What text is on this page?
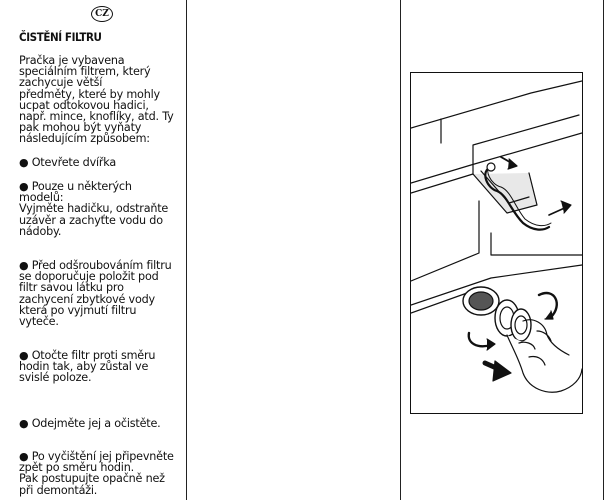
CZ
ČISTĚNÍ FILTRU
Pračka je vybavena
speciálním filtrem, který
zachycuje větší
předměty, které by mohly
ucpat odtokovou hadici,
např. mince, knoflíky, atd. Ty
pak mohou být vyňaty
následujícím způsobem:
● Otevřete dvířka
● Pouze u některých
modelů:
Vyjměte hadičku, odstraňte
uzávěr a zachyťte vodu do
nádoby.
● Před odšroubováním filtru
se doporučuje položit pod
filtr savou látku pro
zachycení zbytkové vody
která po vyjmutí filtru vyteče.
● Otočte filtr proti směru
hodin tak, aby zůstal ve
svislé poloze.
● Odejměte jej a očistěte.
● Po vyčištění jej připevněte
zpět po směru hodin.
Pak postupujte opačně než
při demontáži.
